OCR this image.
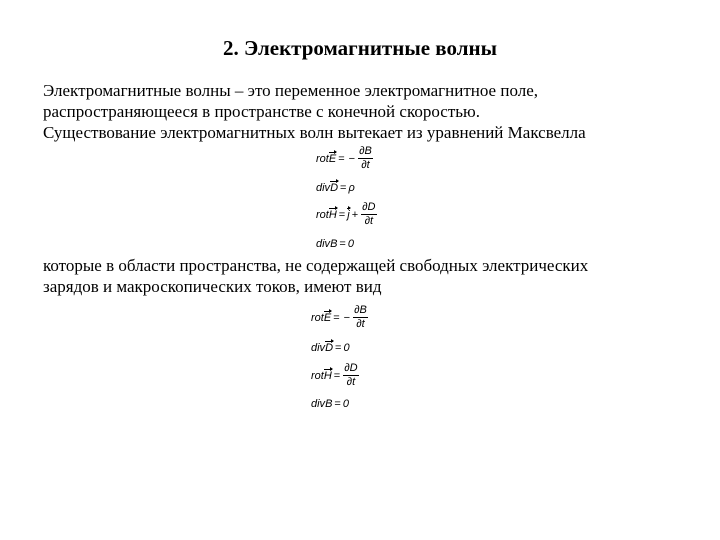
2. Электромагнитные волны
Электромагнитные волны – это переменное электромагнитное поле,
распространяющееся в пространстве с конечной скоростью.
Существование электромагнитных волн вытекает из уравнений Максвелла
rot E = − $\frac{\partial B}{\partial t}$
div D = ρ
rot $H = j + \frac{\partial D}{\partial t}$
div B = 0
которые в области пространства, не содержащей свободных электрических
зарядов и макроскопических токов, имеют вид
rot E = − $\frac{\partial B}{\partial t}$
div D = 0
rot $H = \frac{\partial D}{\partial t}$
div B = 0
